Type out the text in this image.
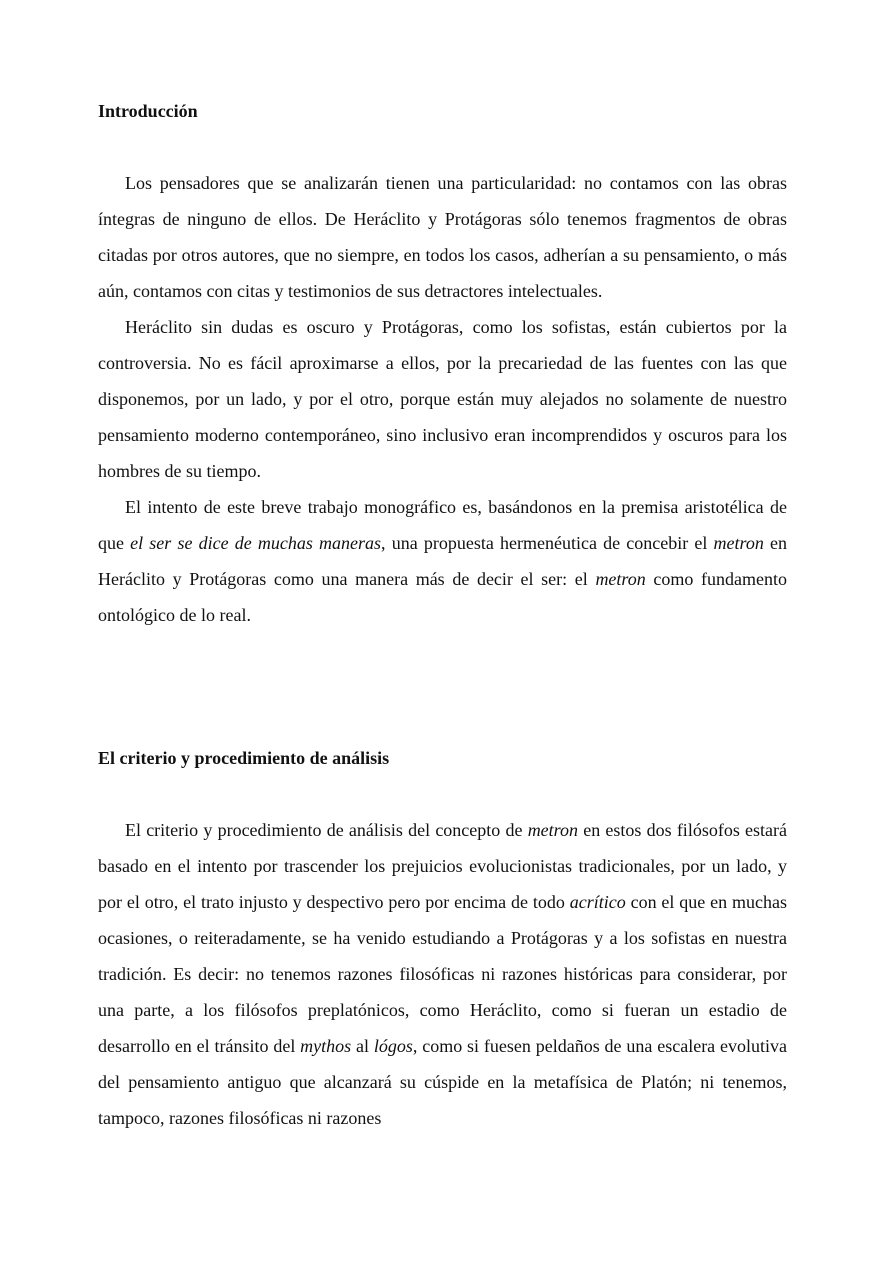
Introducción

Los pensadores que se analizarán tienen una particularidad: no contamos con las obras íntegras de ninguno de ellos. De Heráclito y Protágoras sólo tenemos fragmentos de obras citadas por otros autores, que no siempre, en todos los casos, adherían a su pensamiento, o más aún, contamos con citas y testimonios de sus detractores intelectuales.

Heráclito sin dudas es oscuro y Protágoras, como los sofistas, están cubiertos por la controversia. No es fácil aproximarse a ellos, por la precariedad de las fuentes con las que disponemos, por un lado, y por el otro, porque están muy alejados no solamente de nuestro pensamiento moderno contemporáneo, sino inclusivo eran incomprendidos y oscuros para los hombres de su tiempo.

El intento de este breve trabajo monográfico es, basándonos en la premisa aristotélica de que el ser se dice de muchas maneras, una propuesta hermenéutica de concebir el metron en Heráclito y Protágoras como una manera más de decir el ser: el metron como fundamento ontológico de lo real.

El criterio y procedimiento de análisis

El criterio y procedimiento de análisis del concepto de metron en estos dos filósofos estará basado en el intento por trascender los prejuicios evolucionistas tradicionales, por un lado, y por el otro, el trato injusto y despectivo pero por encima de todo acrítico con el que en muchas ocasiones, o reiteradamente, se ha venido estudiando a Protágoras y a los sofistas en nuestra tradición. Es decir: no tenemos razones filosóficas ni razones históricas para considerar, por una parte, a los filósofos preplatónicos, como Heráclito, como si fueran un estadio de desarrollo en el tránsito del mythos al lógos, como si fuesen peldaños de una escalera evolutiva del pensamiento antiguo que alcanzará su cúspide en la metafísica de Platón; ni tenemos, tampoco, razones filosóficas ni razones
